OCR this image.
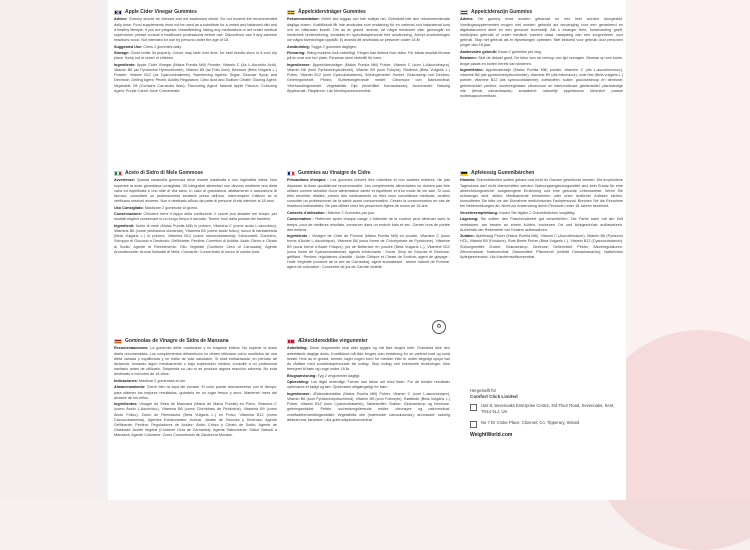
Apple Cider Vinegar Gummies

Advice: Gummy should be chewed and not swallowed whole. Do not exceed the recommended daily dose. Food supplements must not be used as a substitute for a varied and balanced diet and a healthy lifestyle. If you are pregnant, breastfeeding, taking any medications or are under medical supervision, please consult a healthcare professional before use. Discontinue use if any adverse reactions occur. Not intended for use by persons under the age of 18.

Suggested Use: Chew 2 gummies daily.

Storage: Close bottle lid properly. Colour may fade over time, for best results store in a cool dry place. Keep out of reach of children.

Ingredients: Apple Cider Vinegar (Malus Pumila Mill) Powder, Vitamin C (As L-Ascorbic Acid), Vitamin B6 (as Pyridoxine Hydrochloride), Vitamin B9 (as Folic Acid), Beetroot (Beta Vulgaris L.) Powder, Vitamin B12 (as Cyanocobalamin), Sweetening Agents: Sugar, Glucose Syrup and Dextrose; Gelling Agent: Pectin; Acidity Regulators: Citric Acid and Sodium Citrate; Glazing Agent: Vegetable Oil (Contains Carnauba Wax); Flavouring Agent: Natural Apple Flavour; Colouring Agent: Purple Carrot Juice Concentrate.

Äppelcidervinäger Gummies

Rekommendation: Gelén ska tuggas och inte sväljas hel. Överskrid inte den rekommenderade dagliga dosen. Kosttillskott får inte användas som ersättning för en varierad och balanserad kost och en hälsosam livsstil. Om du är gravid, ammar, tar några mediciner eller genomgår en medicinsk undersökning, kontakta en sjukvårdspersonal före användning. Avbryt användningen om några biverkningar uppstår. Ej avsedd att användas av personer under 18 år.

Användning: Tugga 2 gummies dagligen.

Förvaring: Stäng burkens lock ordentligt. Färgen kan blekna över tiden. För bästa resultat förvara på en sval och torr plats. Förvaras utom räckhåll för barn.

Ingredienser: Äppelcidervinäger (Malus Pumila Mill) Pulver, Vitamin C (som L-Askorbinsyra), Vitamin B6 (som Pyridoxinhydroklorid), Vitamin B9 (som Folsyra), Rödbeta (Beta Vulgaris L.) Pulver, Vitamin B12 (som Cyanokobalamin); Sötningsmedel: Socker, Glukossirap och Dextros; Geleringsmedel: Pektin; Surhetsreglerande medel: Citronsyra och Natriumcitrat; Ytbehandlingsmedel: Vegetabilisk Olja (Innehåller Karnaubavax); Arommedel: Naturlig Äpplesmak; Färgämne: Lila Morotsjuicekoncentrat.

Appelciderazijn Gummies

Advies: De gummy moet worden gekauwd en niet heel worden doorgeslikt. Voedingssupplementen mogen niet worden gebruikt als vervanging voor een gevarieerd en afgebalanceerd dieet en een gezonde levensstijl. Als u zwanger bent, borstvoeding geeft, medicijnen gebruikt of onder medisch toezicht staat, raadpleeg dan een zorgverlener voor gebruik. Stop het gebruik als er bijwerkingen optreden. Niet bedoeld voor gebruik door personen jonger dan 18 jaar.

Aanbevolen gebruik: Kauw 2 gummies per dag.

Bewaren: Sluit de deksel goed. De kleur kan na verloop van tijd vervagen. Bewaar op een koele, droge plaats en buiten bereik van kinderen.

Ingrediënten: Appelciderazijn (Malus Pumila Mill) poeder, vitamine C (als L-ascorbinezuur), vitamine B6 (als pyridoxinehydrochloride), vitamine B9 (als foliumzuur), rode biet (Beta vulgaris L.) poeder, vitamine B12 (als cyanocobalamine); zoetstoffen: suiker, glucosestroop en dextrose; geleermiddel: pectine; zuurteregelaars: citroenzuur en natriumcitraat; glansmiddel: plantaardige olie (bevat carnaubawas); smaakstof: natuurlijk appelaroma; kleurstof: paarse wortelsapconcentraat.

Aceto di Sidro di Mele Gommose

Avvertenze: Questa caramella gommosa deve essere masticata e non inghiottita intera. Non superare la dose giornaliera consigliata. Gli integratori alimentari non devono sostituire una dieta varia ed equilibrata e uno stile di vita sano. In caso di gravidanza, allattamento o assunzione di farmaci, consultare un professionista sanitario prima dell'uso. Interrompere l'utilizzo se si verificano reazioni avverse. Non è destinato all'uso da parte di persone di età inferiore ai 18 anni.

Uso Consigliato: Masticare 2 gommose al giorno.

Conservazione: Chiudere bene il tappo della confezione. Il colore può sbiadire nel tempo; per risultati migliori conservare in un luogo fresco e asciutto. Tenere fuori dalla portata dei bambini.

Ingredienti: Aceto di mele (Malus Pumila Mill) in polvere, Vitamina C (come acido L-ascorbico), Vitamina B6 (come piridossina cloridrato), Vitamina B9 (come acido folico), succo di barbabietola (Beta Vulgaris L.) in polvere, Vitamina B12 (come cianocobalamina); Edulcoranti: Zucchero, Sciroppo di Glucosio e Destrosio; Gelificante: Pectina; Correttori di Acidità: Acido Citrico e Citrato di Sodio; Agente di Rivestimento: Olio Vegetale (Contiene Cera di Carnauba); Agente Aromatizzante: Aroma Naturale di Mela; Colorante: Concentrato di succo di carota viola.

Gummies au Vinaigre de Cidre

Précautions d'emploi : Les gommes doivent être mâchées et non avalées entières. Ne pas dépasser la dose quotidienne recommandée. Les compléments alimentaires ne doivent pas être utilisés comme substitut d'une alimentation variée et équilibrée et d'un mode de vie sain. Si vous êtes enceinte, allaitez, prenez des médicaments ou êtes sous surveillance médicale, veuillez consulter un professionnel de la santé avant consommation. Cesser la consommation en cas de réactions indésirables. Ne pas utiliser chez les personnes âgées de moins de 18 ans.

Conseils d'utilisation : Mâcher 2 Gummies par jour.

Conservation : Refermer après chaque usage. L'intensité de la couleur peut diminuer avec le temps, pour de meilleurs résultats, conserver dans un endroit frais et sec. Garder hors de portée des enfants.

Ingrédients : Vinaigre de Cidre de Pomme (Malus Pumila Mill) en poudre, Vitamine C (sous forme d'Acide L-Ascorbique), Vitamine B6 (sous forme de Chlorhydrate de Pyridoxine), Vitamine B9 (sous forme d'Acide Folique), jus de Betterave en poudre (Beta Vulgaris L.), Vitamine B12 (sous forme de Cyanocobalamine); agents édulcorants : Sucre, Sirop de Glucose et Dextrose; gélifiant : Pectine; régulateurs d'acidité : Acide Citrique et Citrate de Sodium; agent de glaçage : Huile Végétale (contient de la cire de Carnauba); agent aromatisant : arôme naturel de Pomme; agent de coloration : Concentré de jus de Carotte violette.

Apfelessig Gummibärchen

Hinweis: Gummibärchen sollten gekaut und nicht im Ganzen geschluckt werden. Die empfohlene Tagesdosis darf nicht überschritten werden. Nahrungsergänzungsmittel sind kein Ersatz für eine abwechslungsreiche, ausgewogene Ernährung und eine gesunde Lebensweise. Wenn Sie schwanger sind, stillen, Medikamente einnehmen oder unter ärztlicher Aufsicht stehen, konsultieren Sie bitte vor der Einnahme medizinisches Fachpersonal. Brechen Sie die Einnahme bei Nebenwirkungen ab. Nicht zur Anwendung durch Personen unter 18 Jahren bestimmt.

Verzehrsempfehlung: Kauen Sie täglich 2 Gummibärchen sorgfältig.

Lagerung: Sie sollten den Flaschendeckel gut verschließen. Die Farbe kann mit der Zeit verblassen, am besten an einem kühlen, trockenen Ort und lichtgeschützt aufbewahren. Außerhalb der Reichweite von Kindern aufbewahren.

Zutaten: Apfelessig Pulver (Malus Pumila Mill), Vitamin C (Ascorbinsäure), Vitamin B6 (Pyridoxin HCl), Vitamin B9 (Folsäure), Rote Beete Pulver (Beta Vulgaris L.), Vitamin B12 (Cyanocobalamin); Süßungsmittel: Zucker, Glukosesirup, Dextrose; Geliermittel: Pektin; Säureregulatoren: Zitronensäure, Natriumcitrat; Glasurmittel: Pflanzenöl (enthält Carnaubawachs); Natürliches Apfelgeschmack; Lila Karottensaftkonzentrat.

♻
Gominolas de Vinagre de Sidra de Manzana

Recomendaciones: La gominola debe masticarse y no tragarse entera. No superar la dosis diaria recomendada. Los complementos alimenticios no deben utilizarse como sustitutos de una dieta variada y equilibrada y un estilo de vida saludable. Si está embarazada, en período de lactancia, tomando algún medicamento o bajo supervisión médica, consulte a un profesional sanitario antes de utilizarlo. Suspenda su uso si se produce alguna reacción adversa. No está destinado a menores de 18 años.

Indicaciones: Masticar 2 gominolas al día.

Almacenamiento: Cierre bien la tapa del envase. El color puede desvanecerse con el tiempo; para obtener los mejores resultados, guárdelo en un lugar fresco y seco. Mantener fuera del alcance de los niños.

Ingredientes: Vinagre de Sidra de Manzana (Malus de Malus Pumila) en Polvo, Vitamina C (como Ácido L-Ascórbico), Vitamina B6 (como Clorhidrato de Piridoxina), Vitamina B9 (como Ácido Fólico), Zumo de Remolacha (Beta Vulgaris L.) en Polvo, Vitamina B12 (como Cianocobalamina), Agentes Edulcorantes: Azúcar, Jarabe de Glucosa y Dextrosa; Agente Gelificante: Pectina; Reguladores de Acidez: Ácido Cítrico y Citrato de Sodio; Agente de Glaseado: Aceite Vegetal (Contiene Cera de Carnauba); Agente Saborizante: Sabor Natural a Manzana; Agente Colorante: Zumo Concentrado de Zanahoria Morada.

Æblecidereddike vingummier

Anbefaling: Disse vingummier skal altid tygges og må ikke sluges hele. Overskrid ikke den anbefalede daglige dosis. Kosttilskud må ikke bruges som erstatning for en varieret kost og sund livsstil. Hvis du er gravid, ammer, tager nogen form for medicin eller er under lægeligt opsyn bør du rådføre med sundhedspersonale før indtag. Stop indtag ved eventuelle bivirkninger. Ikke beregnet til børn og unge under 18 år.

Brugsanvisning: Tyg 2 vingummier dagligt.

Opbevaring: Luk låget ordentligt. Farven kan falme set med tiden. For de bedste resultater opbevares et køligt og tørt. Opbevares utilgængeligt for børn.

Ingredienser: Æblecidereddike (Malus Pumila Mill) Pulver, Vitamin C (som L-ascorbinsyre), Vitamin B6 (som Pyridoxinhydrochlorid), Vitamin B9 (som Folinsyre), Rødbede (Beta Vulgaris L.) Pulver, Vitamin B12 (som Cyanocobalamin), Sødestoffer: Sukker, Glukosesirup og Dextrose, geleringsmiddel: Pektin, surhedsregulerende midler: citronsyre og natriumcitrat; overfladebehandlingsmiddel: Vegetabilsk olie (indeholder carnaubavoks); aromastof: naturlig æblearoma; farvestof: Lilla gulerodsjuicekoncentrat.

Hergestellt für
Comfort Click Limited
Unit 8, Sevenoaks Enterprise Centre, 3rd Floor Road, Sevenoaks, Kent, TN14 5LJ, UK
No 7 Dr Croke Place, Clonmel, Co. Tipperary, Ireland
WeightWorld.com
